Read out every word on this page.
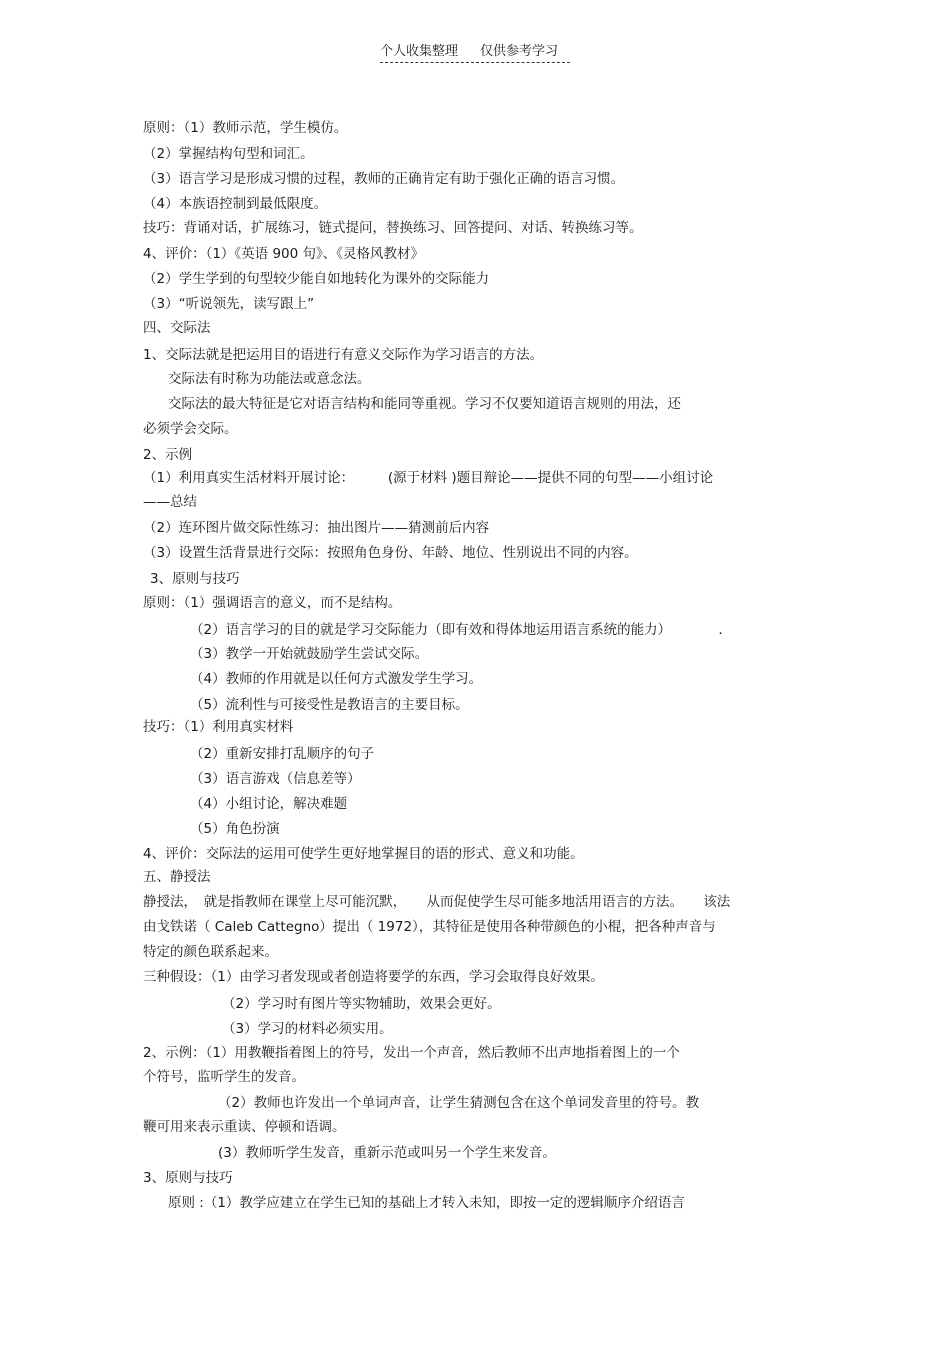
个人收集整理 仅供参考学习
原则：（1）教师示范，学生模仿。
（2）掌握结构句型和词汇。
（3）语言学习是形成习惯的过程，教师的正确肯定有助于强化正确的语言习惯。
（4）本族语控制到最低限度。
技巧：背诵对话，扩展练习，链式提问，替换练习、回答提问、对话、转换练习等。
4、评价：（1）《英语 900 句》、《灵格风教材》
（2）学生学到的句型较少能自如地转化为课外的交际能力
（3）“听说领先，读写跟上”
四、交际法
1、交际法就是把运用目的语进行有意义交际作为学习语言的方法。
交际法有时称为功能法或意念法。
交际法的最大特征是它对语言结构和能同等重视。学习不仅要知道语言规则的用法，还
必须学会交际。
2、示例
（1）利用真实生活材料开展讨论：　　　(源于材料 )题目辩论——提供不同的句型——小组讨论
——总结
（2）连环图片做交际性练习：抽出图片——猜测前后内容
（3）设置生活背景进行交际：按照角色身份、年龄、地位、性别说出不同的内容。
3、原则与技巧
原则：（1）强调语言的意义，而不是结构。
（2）语言学习的目的就是学习交际能力（即有效和得体地运用语言系统的能力）　　　　.
（3）教学一开始就鼓励学生尝试交际。
（4）教师的作用就是以任何方式激发学生学习。
（5）流利性与可接受性是教语言的主要目标。
技巧：（1）利用真实材料
（2）重新安排打乱顺序的句子
（3）语言游戏（信息差等）
（4）小组讨论，解决难题
（5）角色扮演
4、评价：交际法的运用可使学生更好地掌握目的语的形式、意义和功能。
五、静授法
静授法，　就是指教师在课堂上尽可能沉默，　　从而促使学生尽可能多地活用语言的方法。　　该法
由戈铁诺（ Caleb Cattegno）提出（ 1972），其特征是使用各种带颜色的小棍，把各种声音与
特定的颜色联系起来。
三种假设：（1）由学习者发现或者创造将要学的东西，学习会取得良好效果。
（2）学习时有图片等实物辅助，效果会更好。
（3）学习的材料必须实用。
2、示例：（1）用教鞭指着图上的符号，发出一个声音，然后教师不出声地指着图上的一个
个符号，监听学生的发音。
（2）教师也许发出一个单词声音，让学生猜测包含在这个单词发音里的符号。教
鞭可用来表示重读、停顿和语调。
(3）教师听学生发音，重新示范或叫另一个学生来发音。
3、原则与技巧
原则 :（1）教学应建立在学生已知的基础上才转入未知，即按一定的逻辑顺序介绍语言
